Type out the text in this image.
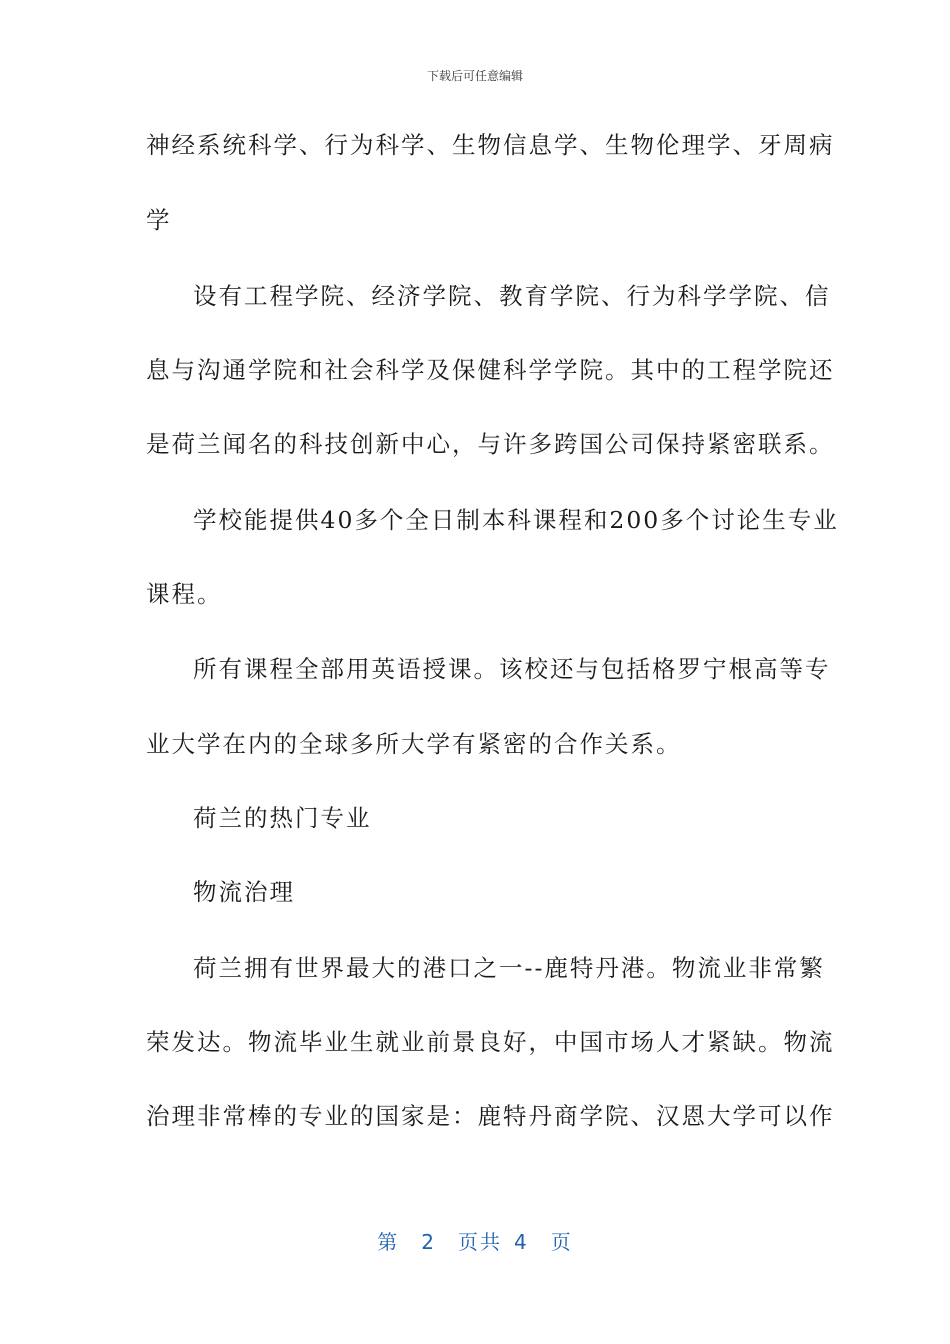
下载后可任意编辑
神经系统科学、行为科学、生物信息学、生物伦理学、牙周病
学
设有工程学院、经济学院、教育学院、行为科学学院、信
息与沟通学院和社会科学及保健科学学院。其中的工程学院还
是荷兰闻名的科技创新中心，与许多跨国公司保持紧密联系。
学校能提供40多个全日制本科课程和200多个讨论生专业
课程。
所有课程全部用英语授课。该校还与包括格罗宁根高等专
业大学在内的全球多所大学有紧密的合作关系。
荷兰的热门专业
物流治理
荷兰拥有世界最大的港口之一--鹿特丹港。物流业非常繁
荣发达。物流毕业生就业前景良好，中国市场人才紧缺。物流
治理非常棒的专业的国家是：鹿特丹商学院、汉恩大学可以作
第 2 页共 4 页
